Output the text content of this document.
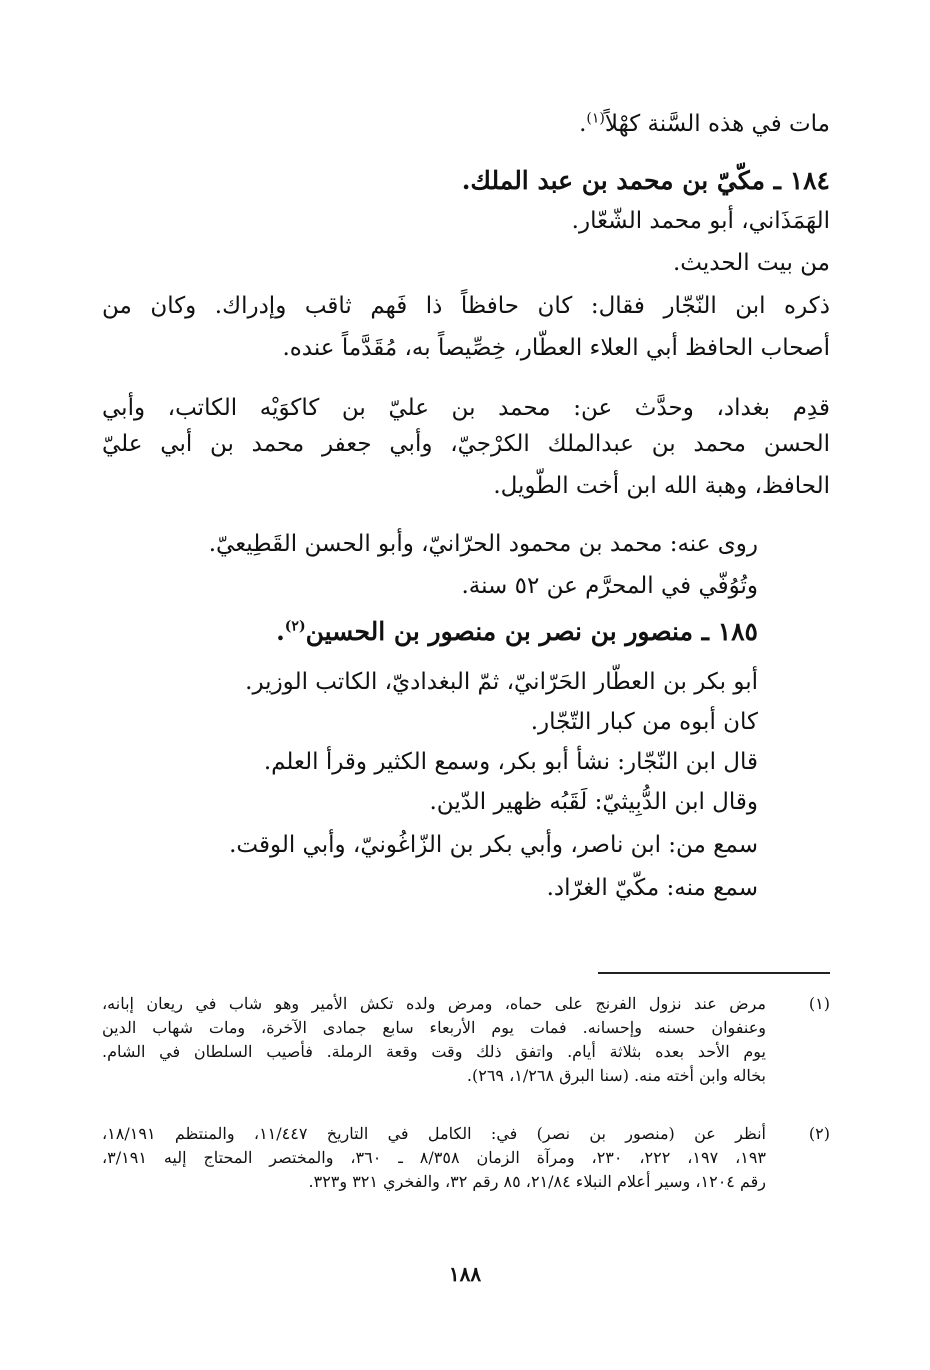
مات في هذه السَّنة كهْلاً$^{(١)}$.
١٨٤ ـ مكّيّ بن محمد بن عبد الملك.
الهَمَذَاني، أبو محمد الشّعّار.
من بيت الحديث.
ذكره ابن النّجّار فقال: كان حافظاً ذا فَهم ثاقب وإدراك. وكان من
أصحاب الحافظ أبي العلاء العطّار، خِصِّيصاً به، مُقَدَّماً عنده.
قدِم بغداد، وحدَّث عن: محمد بن عليّ بن كاكوَيْه الكاتب، وأبي
الحسن محمد بن عبدالملك الكرْجيّ، وأبي جعفر محمد بن أبي عليّ
الحافظ، وهبة الله ابن أخت الطّويل.
روى عنه: محمد بن محمود الحرّانيّ، وأبو الحسن القَطِيعيّ.
وتُوُفّي في المحرَّم عن ٥٢ سنة.
١٨٥ ـ منصور بن نصر بن منصور بن الحسين$^{(٢)}$.
أبو بكر بن العطّار الحَرّانيّ، ثمّ البغداديّ، الكاتب الوزير.
كان أبوه من كبار التّجّار.
قال ابن النّجّار: نشأ أبو بكر، وسمع الكثير وقرأ العلم.
وقال ابن الدُّبِيثيّ: لَقَبُه ظهير الدّين.
سمع من: ابن ناصر، وأبي بكر بن الزّاغُونيّ، وأبي الوقت.
سمع منه: مكّيّ الغرّاد.
(١)
مرض عند نزول الفرنج على حماه، ومرض ولده تكش الأمير وهو شاب في ريعان إبانه،
وعنفوان حسنه وإحسانه. فمات يوم الأربعاء سابع جمادى الآخرة، ومات شهاب الدين
يوم الأحد بعده بثلاثة أيام. واتفق ذلك وقت وقعة الرملة. فأصيب السلطان في الشام.
بخاله وابن أخته منه. (سنا البرق ١/٢٦٨، ٢٦٩).
(٢)
أنظر عن (منصور بن نصر) في: الكامل في التاريخ ١١/٤٤٧، والمنتظم ١٨/١٩١،
١٩٣، ١٩٧، ٢٢٢، ٢٣٠، ومرآة الزمان ٨/٣٥٨ ـ ٣٦٠، والمختصر المحتاج إليه ٣/١٩١،
رقم ١٢٠٤، وسير أعلام النبلاء ٢١/٨٤، ٨٥ رقم ٣٢، والفخري ٣٢١ و٣٢٣.
١٨٨
